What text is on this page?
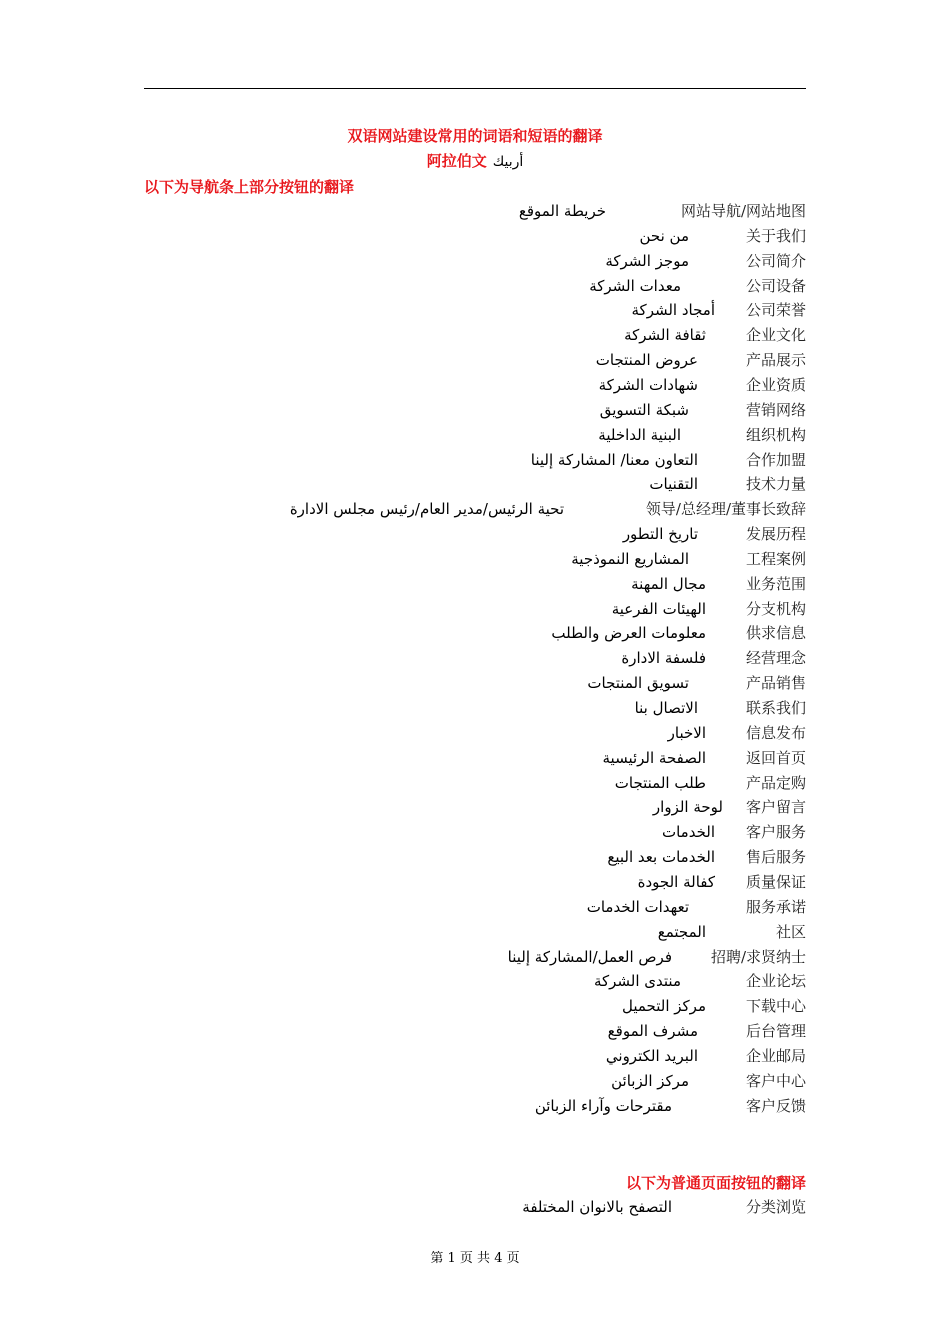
双语网站建设常用的词语和短语的翻译
阿拉伯文 أربيك
以下为导航条上部分按钮的翻译
خريطة الموقع	网站导航/网站地图
من نحن	关于我们
موجز الشركة	公司简介
معدات الشركة	公司设备
أمجاد الشركة 公司荣誉
ثقافة الشركة	企业文化
عروض المنتجات	产品展示
شهادات الشركة	企业资质
شبكة التسويق	营销网络
البنية الداخلية	组织机构
التعاون معنا/ المشاركة إلينا	合作加盟
التقنيات	技术力量
تحية الرئيس/مدير العام/رئيس مجلس الادارة	领导/总经理/董事长致辞
تاريخ التطور	发展历程
المشاريع النموذجية	工程案例
مجال المهنة	业务范围
الهيئات الفرعية	分支机构
معلومات العرض والطلب	供求信息
فلسفة الادارة	经营理念
تسويق المنتجات	产品销售
الاتصال بنا	联系我们
الاخبار	信息发布
الصفحة الرئيسية	返回首页
طلب المنتجات	产品定购
لوحة الزوار 客户留言
الخدمات 客户服务
الخدمات بعد البيع 售后服务
كفالة الجودة 质量保证
تعهدات الخدمات	服务承诺
المجتمع	社区
فرص العمل/المشاركة إلينا	招聘/求贤纳士
منتدى الشركة	企业论坛
مركز التحميل	下载中心
مشرف الموقع	后台管理
البريد الكتروني	企业邮局
مركز الزبائن	客户中心
مقترحات وآراء الزبائن	客户反馈
以下为普通页面按钮的翻译
التصفح بالانوان المختلفة	分类浏览
第 1 页 共 4 页
